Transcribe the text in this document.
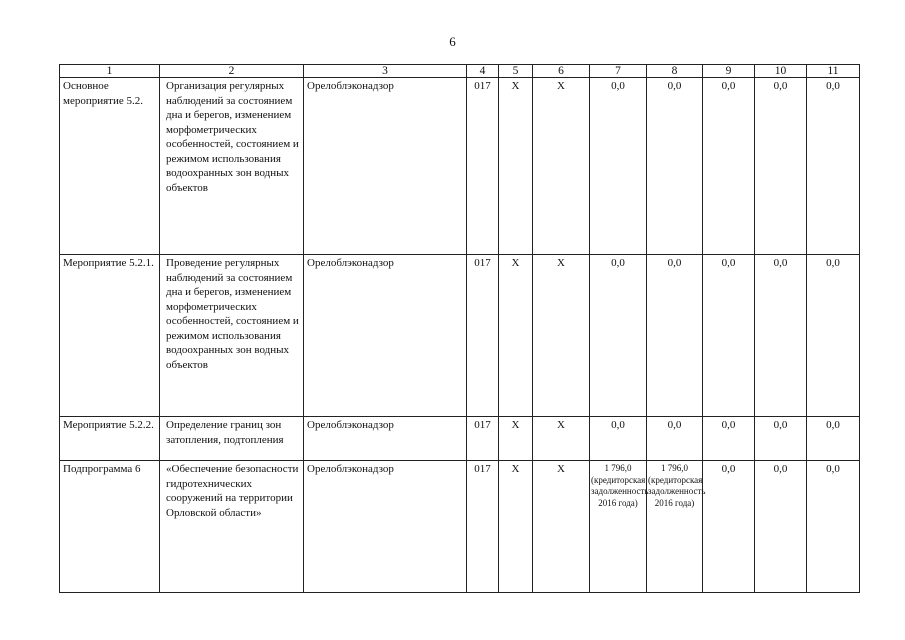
6
1	2	3	4	5	6	7	8	9	10	11
Основное мероприятие 5.2.	Организация регулярных наблюдений за состоянием дна и берегов, изменением морфометрических особенностей, состоянием и режимом использования водоохранных зон водных объектов	Орелоблэконадзор	017	X	X	0,0	0,0	0,0	0,0	0,0
Мероприятие 5.2.1.	Проведение регулярных наблюдений за состоянием дна и берегов, изменением морфометрических особенностей, состоянием и режимом использования водоохранных зон водных объектов	Орелоблэконадзор	017	X	X	0,0	0,0	0,0	0,0	0,0
Мероприятие 5.2.2.	Определение границ зон затопления, подтопления	Орелоблэконадзор	017	X	X	0,0	0,0	0,0	0,0	0,0
Подпрограмма 6	«Обеспечение безопасности гидротехнических сооружений на территории Орловской области»	Орелоблэконадзор	017	X	X	1 796,0 (кредиторская задолженность 2016 года)	1 796,0 (кредиторская задолженность 2016 года)	0,0	0,0	0,0
